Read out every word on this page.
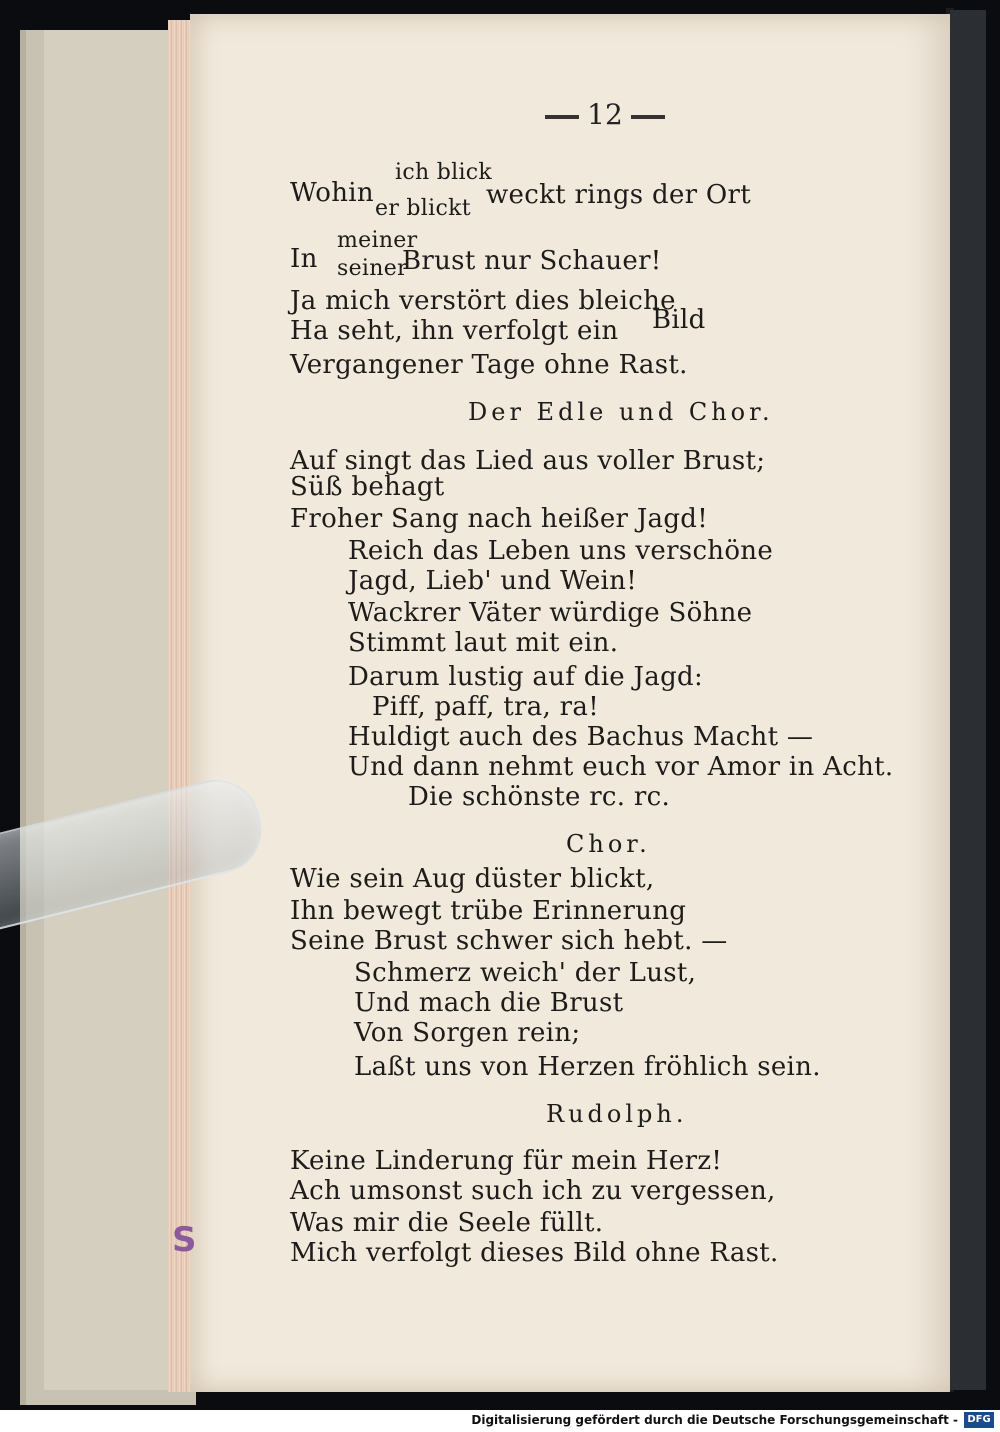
12
ich blick
Wohin	weckt rings der Ort
er blickt
meiner
In	Brust nur Schauer!
seiner
Ja mich verstört dies bleiche
Bild
Ha seht, ihn verfolgt ein
Vergangener Tage ohne Rast.
Der Edle und Chor.
Auf singt das Lied aus voller Brust;
Süß behagt
Froher Sang nach heißer Jagd!
Reich das Leben uns verschöne
Jagd, Lieb' und Wein!
Wackrer Väter würdige Söhne
Stimmt laut mit ein.
Darum lustig auf die Jagd:
Piff, paff, tra, ra!
Huldigt auch des Bachus Macht —
Und dann nehmt euch vor Amor in Acht.
Die schönste rc. rc.
Chor.
Wie sein Aug düster blickt,
Ihn bewegt trübe Erinnerung
Seine Brust schwer sich hebt. —
Schmerz weich' der Lust,
Und mach die Brust
Von Sorgen rein;
Laßt uns von Herzen fröhlich sein.
Rudolph.
Keine Linderung für mein Herz!
Ach umsonst such ich zu vergessen,
Was mir die Seele füllt.
Mich verfolgt dieses Bild ohne Rast.
S
Digitalisierung gefördert durch die Deutsche Forschungsgemeinschaft - DFG
